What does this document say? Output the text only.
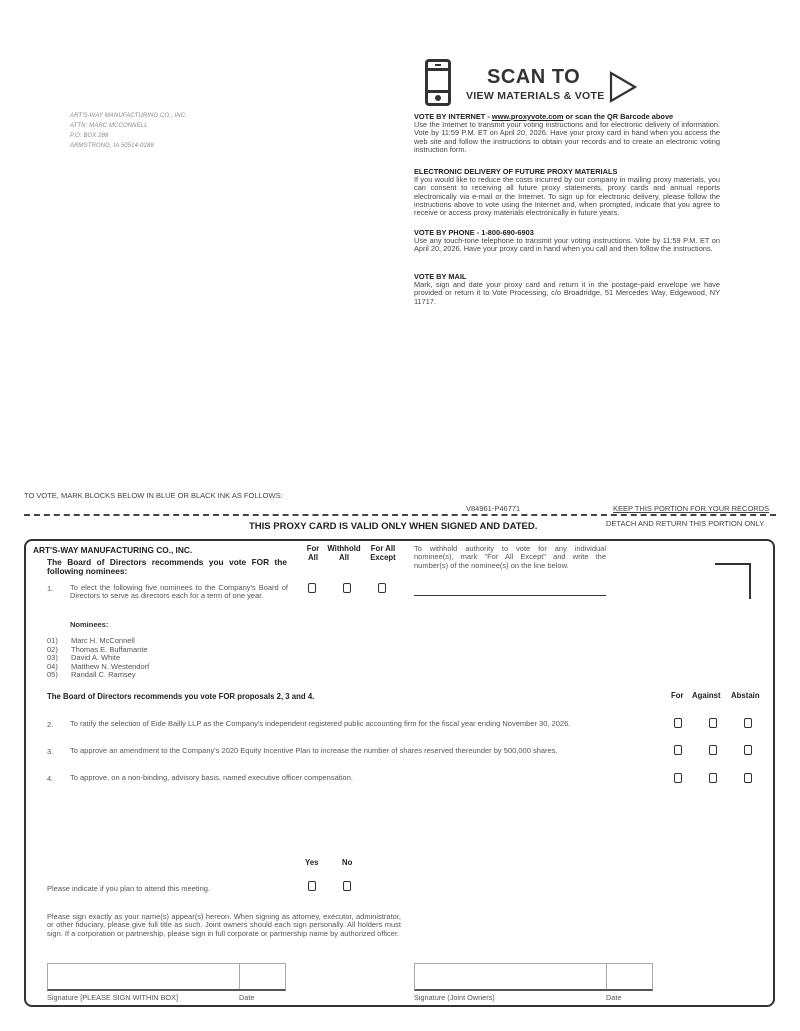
ART'S-WAY MANUFACTURING CO., INC.
ATTN: MARC MCCONNELL
P.O. BOX 288
ARMSTRONG, IA 50514-0288
SCAN TO
VIEW MATERIALS & VOTE
VOTE BY INTERNET - www.proxyvote.com or scan the QR Barcode above
Use the Internet to transmit your voting instructions and for electronic delivery of information. Vote by 11:59 P.M. ET on April 20, 2026. Have your proxy card in hand when you access the web site and follow the instructions to obtain your records and to create an electronic voting instruction form.
ELECTRONIC DELIVERY OF FUTURE PROXY MATERIALS
If you would like to reduce the costs incurred by our company in mailing proxy materials, you can consent to receiving all future proxy statements, proxy cards and annual reports electronically via e-mail or the Internet. To sign up for electronic delivery, please follow the instructions above to vote using the Internet and, when prompted, indicate that you agree to receive or access proxy materials electronically in future years.
VOTE BY PHONE - 1-800-690-6903
Use any touch-tone telephone to transmit your voting instructions. Vote by 11:59 P.M. ET on April 20, 2026. Have your proxy card in hand when you call and then follow the instructions.
VOTE BY MAIL
Mark, sign and date your proxy card and return it in the postage-paid envelope we have provided or return it to Vote Processing, c/o Broadridge, 51 Mercedes Way, Edgewood, NY 11717.
TO VOTE, MARK BLOCKS BELOW IN BLUE OR BLACK INK AS FOLLOWS:
V84961-P46771	KEEP THIS PORTION FOR YOUR RECORDS
DETACH AND RETURN THIS PORTION ONLY
THIS PROXY CARD IS VALID ONLY WHEN SIGNED AND DATED.
ART'S-WAY MANUFACTURING CO., INC.
The Board of Directors recommends you vote FOR the following nominees:
For
All
Withhold
All
For All
Except
1. To elect the following five nominees to the Company's Board of Directors to serve as directors each for a term of one year.
To withhold authority to vote for any individual nominee(s), mark "For All Except" and write the number(s) of the nominee(s) on the line below.
Nominees:
01) Marc H. McConnell
02) Thomas E. Buffamante
03) David A. White
04) Matthew N. Westendorf
05) Randall C. Ramsey
The Board of Directors recommends you vote FOR proposals 2, 3 and 4.	For Against Abstain
2. To ratify the selection of Eide Bailly LLP as the Company's independent registered public accounting firm for the fiscal year ending November 30, 2026.
3. To approve an amendment to the Company's 2020 Equity Incentive Plan to increase the number of shares reserved thereunder by 500,000 shares.
4. To approve, on a non-binding, advisory basis, named executive officer compensation.
Yes	No
Please indicate if you plan to attend this meeting.
Please sign exactly as your name(s) appear(s) hereon. When signing as attorney, executor, administrator, or other fiduciary, please give full title as such. Joint owners should each sign personally. All holders must sign. If a corporation or partnership, please sign in full corporate or partnership name by authorized officer.
Signature [PLEASE SIGN WITHIN BOX]	Date	Signature (Joint Owners)	Date
